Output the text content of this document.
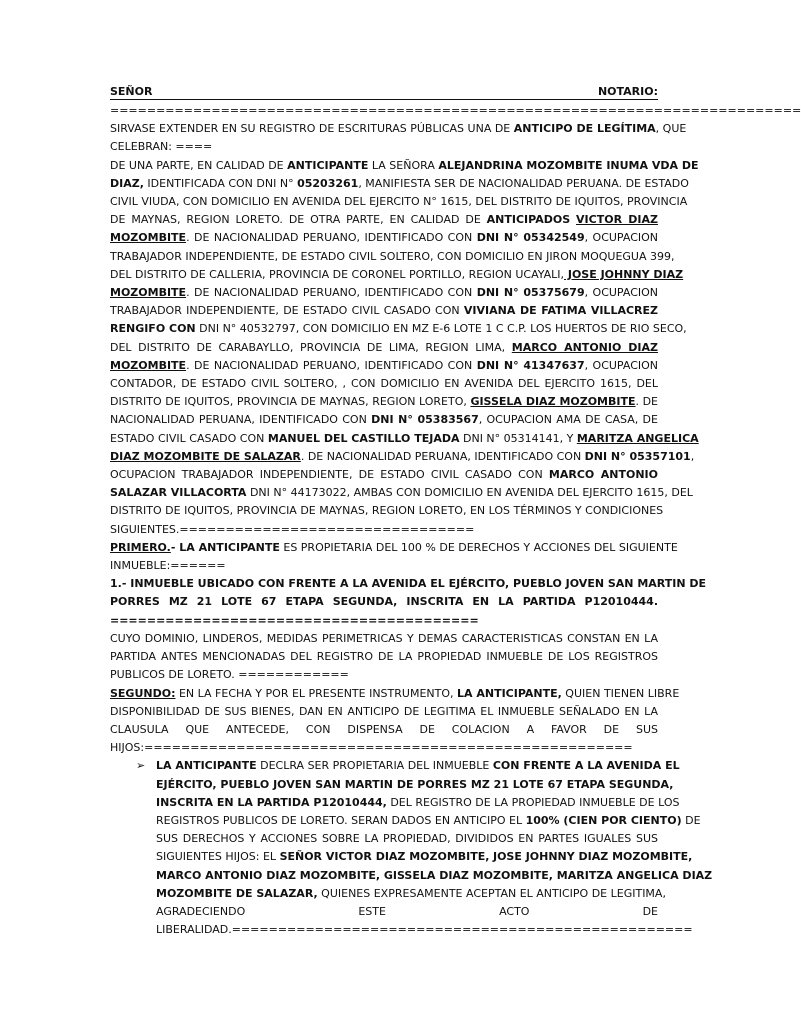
SEÑOR	NOTARIO:
===========================================================================
SIRVASE EXTENDER EN SU REGISTRO DE ESCRITURAS PÚBLICAS UNA DE ANTICIPO DE LEGÍTIMA, QUE
CELEBRAN: ====
DE UNA PARTE, EN CALIDAD DE ANTICIPANTE LA SEÑORA ALEJANDRINA MOZOMBITE INUMA VDA DE
DIAZ, IDENTIFICADA CON DNI N° 05203261, MANIFIESTA SER DE NACIONALIDAD PERUANA. DE ESTADO
CIVIL VIUDA, CON DOMICILIO EN AVENIDA DEL EJERCITO N° 1615, DEL DISTRITO DE IQUITOS, PROVINCIA
DE MAYNAS, REGION LORETO. DE OTRA PARTE, EN CALIDAD DE ANTICIPADOS VICTOR DIAZ
MOZOMBITE. DE NACIONALIDAD PERUANO, IDENTIFICADO CON DNI N° 05342549, OCUPACION
TRABAJADOR INDEPENDIENTE, DE ESTADO CIVIL SOLTERO, CON DOMICILIO EN JIRON MOQUEGUA 399,
DEL DISTRITO DE CALLERIA, PROVINCIA DE CORONEL PORTILLO, REGION UCAYALI, JOSE JOHNNY DIAZ
MOZOMBITE. DE NACIONALIDAD PERUANO, IDENTIFICADO CON DNI N° 05375679, OCUPACION
TRABAJADOR INDEPENDIENTE, DE ESTADO CIVIL CASADO CON VIVIANA DE FATIMA VILLACREZ
RENGIFO CON DNI N° 40532797, CON DOMICILIO EN MZ E-6 LOTE 1 C C.P. LOS HUERTOS DE RIO SECO,
DEL DISTRITO DE CARABAYLLO, PROVINCIA DE LIMA, REGION LIMA, MARCO ANTONIO DIAZ
MOZOMBITE. DE NACIONALIDAD PERUANO, IDENTIFICADO CON DNI N° 41347637, OCUPACION
CONTADOR, DE ESTADO CIVIL SOLTERO, , CON DOMICILIO EN AVENIDA DEL EJERCITO 1615, DEL
DISTRITO DE IQUITOS, PROVINCIA DE MAYNAS, REGION LORETO, GISSELA DIAZ MOZOMBITE. DE
NACIONALIDAD PERUANA, IDENTIFICADO CON DNI N° 05383567, OCUPACION AMA DE CASA, DE
ESTADO CIVIL CASADO CON MANUEL DEL CASTILLO TEJADA DNI N° 05314141, Y MARITZA ANGELICA
DIAZ MOZOMBITE DE SALAZAR. DE NACIONALIDAD PERUANA, IDENTIFICADO CON DNI N° 05357101,
OCUPACION TRABAJADOR INDEPENDIENTE, DE ESTADO CIVIL CASADO CON MARCO ANTONIO
SALAZAR VILLACORTA DNI N° 44173022, AMBAS CON DOMICILIO EN AVENIDA DEL EJERCITO 1615, DEL
DISTRITO DE IQUITOS, PROVINCIA DE MAYNAS, REGION LORETO, EN LOS TÉRMINOS Y CONDICIONES
SIGUIENTES.================================
PRIMERO.- LA ANTICIPANTE ES PROPIETARIA DEL 100 % DE DERECHOS Y ACCIONES DEL SIGUIENTE
INMUEBLE:======
1.- INMUEBLE UBICADO CON FRENTE A LA AVENIDA EL EJÉRCITO, PUEBLO JOVEN SAN MARTIN DE
PORRES MZ 21 LOTE 67 ETAPA SEGUNDA, INSCRITA EN LA PARTIDA P12010444.
========================================
CUYO DOMINIO, LINDEROS, MEDIDAS PERIMETRICAS Y DEMAS CARACTERISTICAS CONSTAN EN LA
PARTIDA ANTES MENCIONADAS DEL REGISTRO DE LA PROPIEDAD INMUEBLE DE LOS REGISTROS
PUBLICOS DE LORETO. ============
SEGUNDO: EN LA FECHA Y POR EL PRESENTE INSTRUMENTO, LA ANTICIPANTE, QUIEN TIENEN LIBRE
DISPONIBILIDAD DE SUS BIENES, DAN EN ANTICIPO DE LEGITIMA EL INMUEBLE SEÑALADO EN LA
CLAUSULA QUE ANTECEDE, CON DISPENSA DE COLACION A FAVOR DE SUS
HIJOS:=====================================================
➢ LA ANTICIPANTE DECLRA SER PROPIETARIA DEL INMUEBLE CON FRENTE A LA AVENIDA EL
EJÉRCITO, PUEBLO JOVEN SAN MARTIN DE PORRES MZ 21 LOTE 67 ETAPA SEGUNDA,
INSCRITA EN LA PARTIDA P12010444, DEL REGISTRO DE LA PROPIEDAD INMUEBLE DE LOS
REGISTROS PUBLICOS DE LORETO. SERAN DADOS EN ANTICIPO EL 100% (CIEN POR CIENTO) DE
SUS DERECHOS Y ACCIONES SOBRE LA PROPIEDAD, DIVIDIDOS EN PARTES IGUALES SUS
SIGUIENTES HIJOS: EL SEÑOR VICTOR DIAZ MOZOMBITE, JOSE JOHNNY DIAZ MOZOMBITE,
MARCO ANTONIO DIAZ MOZOMBITE, GISSELA DIAZ MOZOMBITE, MARITZA ANGELICA DIAZ
MOZOMBITE DE SALAZAR, QUIENES EXPRESAMENTE ACEPTAN EL ANTICIPO DE LEGITIMA,
AGRADECIENDO ESTE ACTO DE
LIBERALIDAD.==================================================
